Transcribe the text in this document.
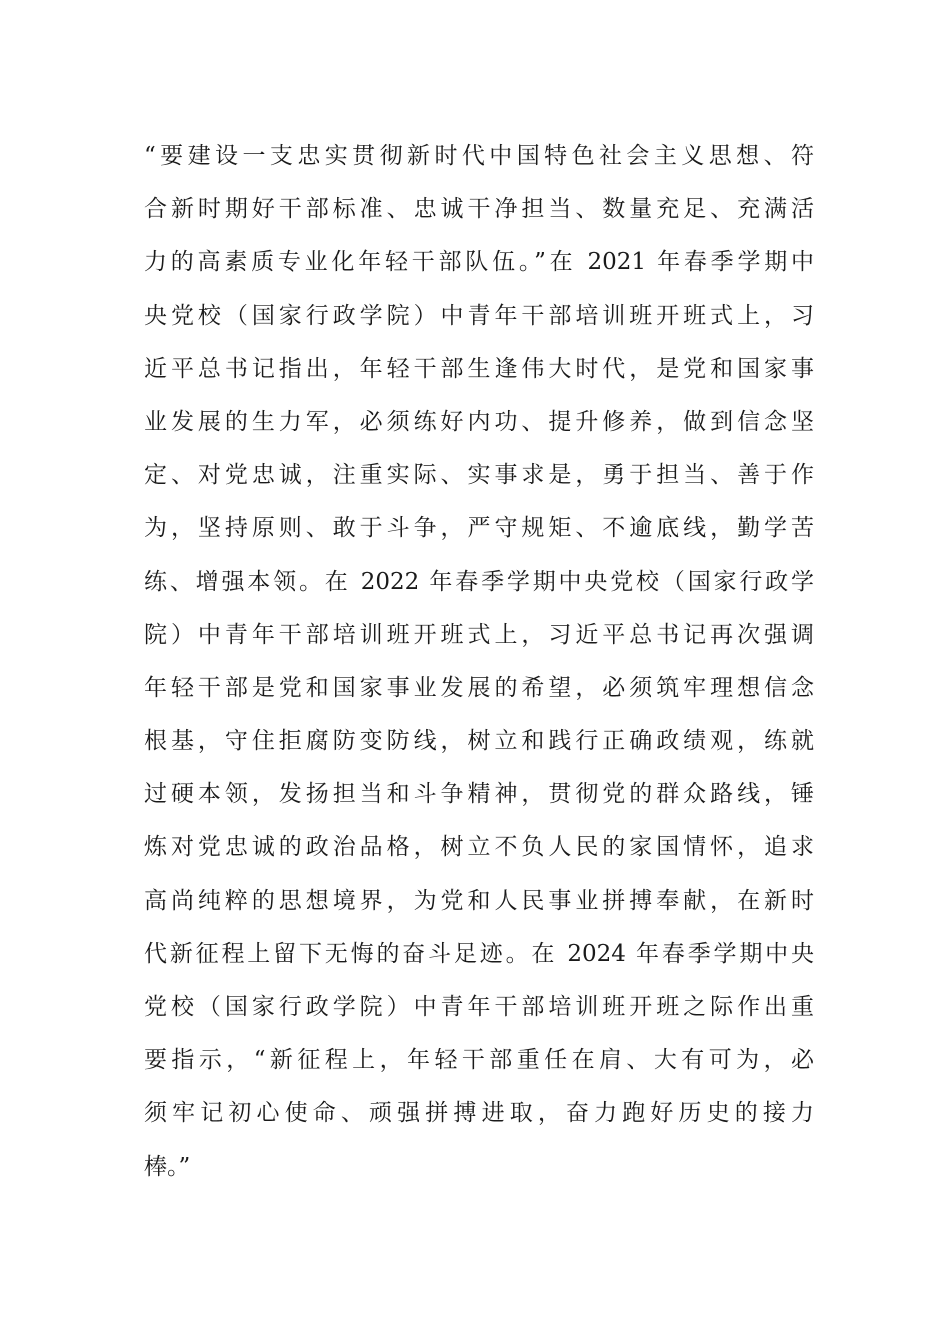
“要建设一支忠实贯彻新时代中国特色社会主义思想、符
合新时期好干部标准、忠诚干净担当、数量充足、充满活
力的高素质专业化年轻干部队伍。”在 2021 年春季学期中
央党校（国家行政学院）中青年干部培训班开班式上，习
近平总书记指出，年轻干部生逢伟大时代，是党和国家事
业发展的生力军，必须练好内功、提升修养，做到信念坚
定、对党忠诚，注重实际、实事求是，勇于担当、善于作
为，坚持原则、敢于斗争，严守规矩、不逾底线，勤学苦
练、增强本领。在 2022 年春季学期中央党校（国家行政学
院）中青年干部培训班开班式上，习近平总书记再次强调
年轻干部是党和国家事业发展的希望，必须筑牢理想信念
根基，守住拒腐防变防线，树立和践行正确政绩观，练就
过硬本领，发扬担当和斗争精神，贯彻党的群众路线，锤
炼对党忠诚的政治品格，树立不负人民的家国情怀，追求
高尚纯粹的思想境界，为党和人民事业拼搏奉献，在新时
代新征程上留下无悔的奋斗足迹。在 2024 年春季学期中央
党校（国家行政学院）中青年干部培训班开班之际作出重
要指示，“新征程上，年轻干部重任在肩、大有可为，必
须牢记初心使命、顽强拼搏进取，奋力跑好历史的接力
棒。”
